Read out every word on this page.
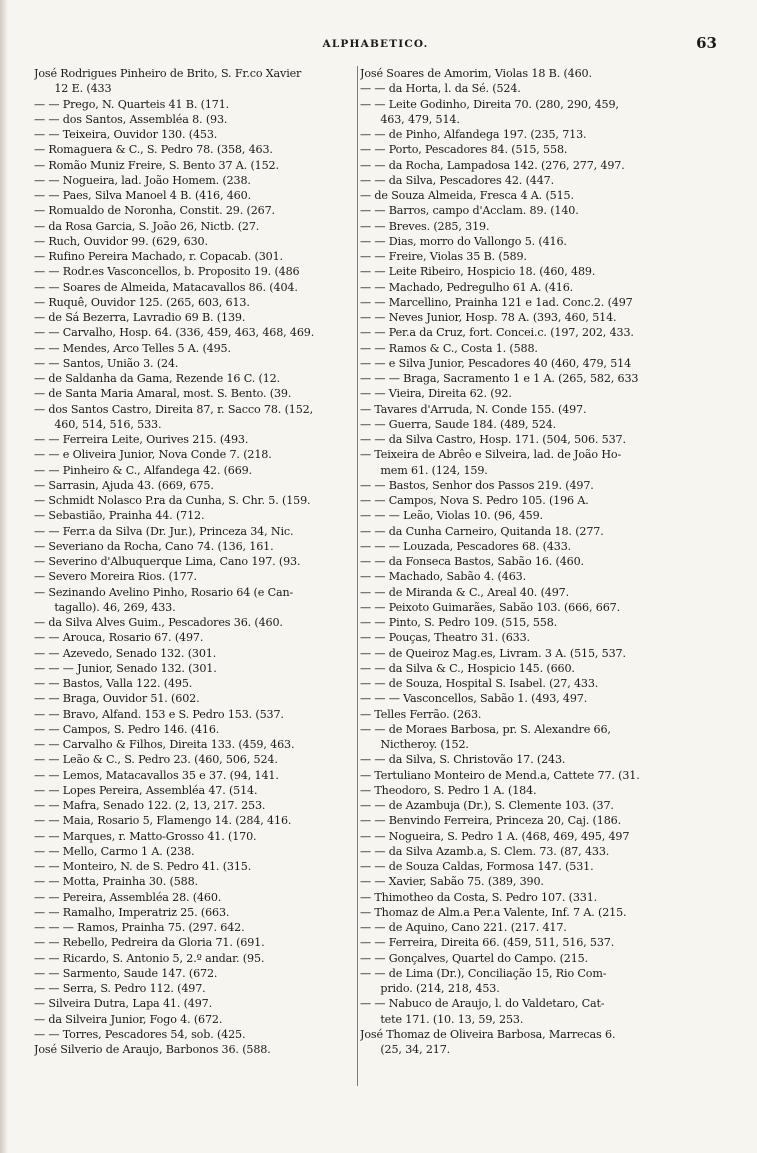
ALPHABETICO.	63
José Rodrigues Pinheiro de Brito, S. Fr.co Xavier
12 E. (433
— — Prego, N. Quarteis 41 B. (171.
— — dos Santos, Assembléa 8. (93.
— — Teixeira, Ouvidor 130. (453.
— Romaguera & C., S. Pedro 78. (358, 463.
— Romão Muniz Freire, S. Bento 37 A. (152.
— — Nogueira, lad. João Homem. (238.
— — Paes, Silva Manoel 4 B. (416, 460.
— Romualdo de Noronha, Constit. 29. (267.
— da Rosa Garcia, S. João 26, Nictb. (27.
— Ruch, Ouvidor 99. (629, 630.
— Rufino Pereira Machado, r. Copacab. (301.
— — Rodr.es Vasconcellos, b. Proposito 19. (486
— — Soares de Almeida, Matacavallos 86. (404.
— Ruquê, Ouvidor 125. (265, 603, 613.
— de Sá Bezerra, Lavradio 69 B. (139.
— — Carvalho, Hosp. 64. (336, 459, 463, 468, 469.
— — Mendes, Arco Telles 5 A. (495.
— — Santos, União 3. (24.
— de Saldanha da Gama, Rezende 16 C. (12.
— de Santa Maria Amaral, most. S. Bento. (39.
— dos Santos Castro, Direita 87, r. Sacco 78. (152,
460, 514, 516, 533.
— — Ferreira Leite, Ourives 215. (493.
— — e Oliveira Junior, Nova Conde 7. (218.
— — Pinheiro & C., Alfandega 42. (669.
— Sarrasin, Ajuda 43. (669, 675.
— Schmidt Nolasco P.ra da Cunha, S. Chr. 5. (159.
— Sebastião, Prainha 44. (712.
— — Ferr.a da Silva (Dr. Jur.), Princeza 34, Nic.
— Severiano da Rocha, Cano 74. (136, 161.
— Severino d'Albuquerque Lima, Cano 197. (93.
— Severo Moreira Rios. (177.
— Sezinando Avelino Pinho, Rosario 64 (e Can-
tagallo). 46, 269, 433.
— da Silva Alves Guim., Pescadores 36. (460.
— — Arouca, Rosario 67. (497.
— — Azevedo, Senado 132. (301.
— — — Junior, Senado 132. (301.
— — Bastos, Valla 122. (495.
— — Braga, Ouvidor 51. (602.
— — Bravo, Alfand. 153 e S. Pedro 153. (537.
— — Campos, S. Pedro 146. (416.
— — Carvalho & Filhos, Direita 133. (459, 463.
— — Leão & C., S. Pedro 23. (460, 506, 524.
— — Lemos, Matacavallos 35 e 37. (94, 141.
— — Lopes Pereira, Assembléa 47. (514.
— — Mafra, Senado 122. (2, 13, 217. 253.
— — Maia, Rosario 5, Flamengo 14. (284, 416.
— — Marques, r. Matto-Grosso 41. (170.
— — Mello, Carmo 1 A. (238.
— — Monteiro, N. de S. Pedro 41. (315.
— — Motta, Prainha 30. (588.
— — Pereira, Assembléa 28. (460.
— — Ramalho, Imperatriz 25. (663.
— — — Ramos, Prainha 75. (297. 642.
— — Rebello, Pedreira da Gloria 71. (691.
— — Ricardo, S. Antonio 5, 2.º andar. (95.
— — Sarmento, Saude 147. (672.
— — Serra, S. Pedro 112. (497.
— Silveira Dutra, Lapa 41. (497.
— da Silveira Junior, Fogo 4. (672.
— — Torres, Pescadores 54, sob. (425.
José Silverio de Araujo, Barbonos 36. (588.
José Soares de Amorim, Violas 18 B. (460.
— — da Horta, l. da Sé. (524.
— — Leite Godinho, Direita 70. (280, 290, 459,
463, 479, 514.
— — de Pinho, Alfandega 197. (235, 713.
— — Porto, Pescadores 84. (515, 558.
— — da Rocha, Lampadosa 142. (276, 277, 497.
— — da Silva, Pescadores 42. (447.
— de Souza Almeida, Fresca 4 A. (515.
— — Barros, campo d'Acclam. 89. (140.
— — Breves. (285, 319.
— — Dias, morro do Vallongo 5. (416.
— — Freire, Violas 35 B. (589.
— — Leite Ribeiro, Hospicio 18. (460, 489.
— — Machado, Pedregulho 61 A. (416.
— — Marcellino, Prainha 121 e 1ad. Conc.2. (497
— — Neves Junior, Hosp. 78 A. (393, 460, 514.
— — Per.a da Cruz, fort. Concei.c. (197, 202, 433.
— — Ramos & C., Costa 1. (588.
— — e Silva Junior, Pescadores 40 (460, 479, 514
— — — Braga, Sacramento 1 e 1 A. (265, 582, 633
— — Vieira, Direita 62. (92.
— Tavares d'Arruda, N. Conde 155. (497.
— — Guerra, Saude 184. (489, 524.
— — da Silva Castro, Hosp. 171. (504, 506. 537.
— Teixeira de Abrêo e Silveira, lad. de João Ho-
mem 61. (124, 159.
— — Bastos, Senhor dos Passos 219. (497.
— — Campos, Nova S. Pedro 105. (196 A.
— — — Leão, Violas 10. (96, 459.
— — da Cunha Carneiro, Quitanda 18. (277.
— — — Louzada, Pescadores 68. (433.
— — da Fonseca Bastos, Sabão 16. (460.
— — Machado, Sabão 4. (463.
— — de Miranda & C., Areal 40. (497.
— — Peixoto Guimarães, Sabão 103. (666, 667.
— — Pinto, S. Pedro 109. (515, 558.
— — Pouças, Theatro 31. (633.
— — de Queiroz Mag.es, Livram. 3 A. (515, 537.
— — da Silva & C., Hospicio 145. (660.
— — de Souza, Hospital S. Isabel. (27, 433.
— — — Vasconcellos, Sabão 1. (493, 497.
— Telles Ferrão. (263.
— — de Moraes Barbosa, pr. S. Alexandre 66,
Nictheroy. (152.
— — da Silva, S. Christovão 17. (243.
— Tertuliano Monteiro de Mend.a, Cattete 77. (31.
— Theodoro, S. Pedro 1 A. (184.
— — de Azambuja (Dr.), S. Clemente 103. (37.
— — Benvindo Ferreira, Princeza 20, Caj. (186.
— — Nogueira, S. Pedro 1 A. (468, 469, 495, 497
— — da Silva Azamb.a, S. Clem. 73. (87, 433.
— — de Souza Caldas, Formosa 147. (531.
— — Xavier, Sabão 75. (389, 390.
— Thimotheo da Costa, S. Pedro 107. (331.
— Thomaz de Alm.a Per.a Valente, Inf. 7 A. (215.
— — de Aquino, Cano 221. (217. 417.
— — Ferreira, Direita 66. (459, 511, 516, 537.
— — Gonçalves, Quartel do Campo. (215.
— — de Lima (Dr.), Conciliação 15, Rio Com-
prido. (214, 218, 453.
— — Nabuco de Araujo, l. do Valdetaro, Cat-
tete 171. (10. 13, 59, 253.
José Thomaz de Oliveira Barbosa, Marrecas 6.
(25, 34, 217.
